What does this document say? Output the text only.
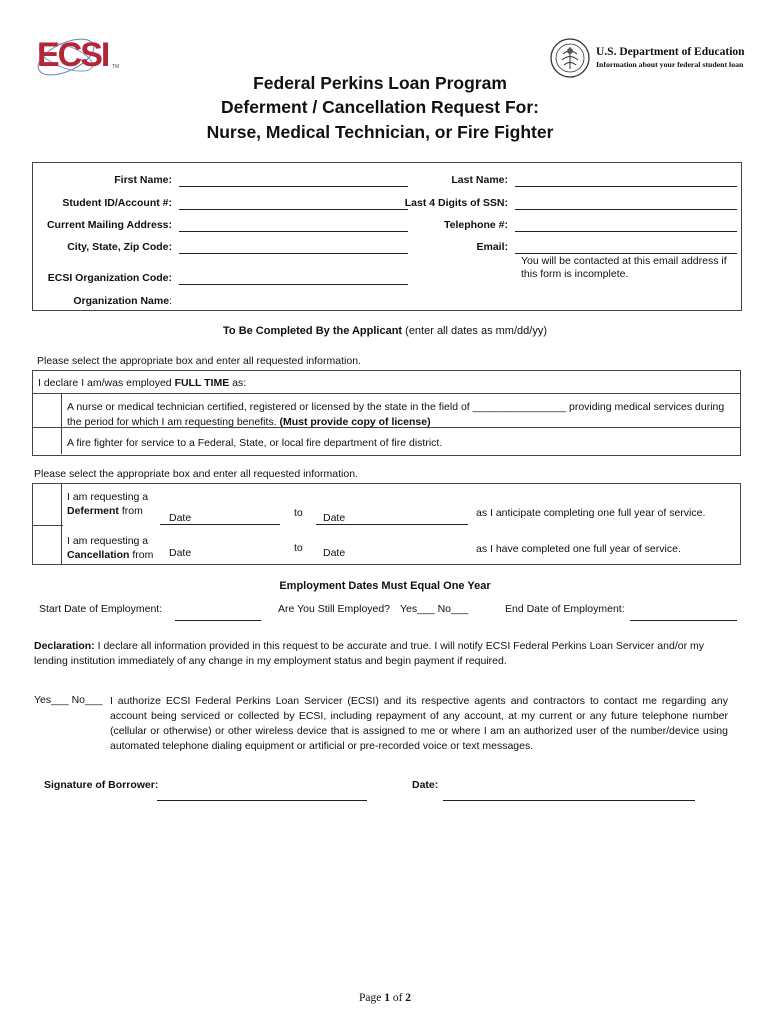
ECSI TM
U.S. Department of Education
Information about your federal student loan
Federal Perkins Loan Program
Deferment / Cancellation Request For:
Nurse, Medical Technician, or Fire Fighter
First Name:	Last Name:
Student ID/Account #:	Last 4 Digits of SSN:
Current Mailing Address:	Telephone #:
City, State, Zip Code:	Email:
You will be contacted at this email address if this form is incomplete.
ECSI Organization Code:
Organization Name:
To Be Completed By the Applicant (enter all dates as mm/dd/yy)
Please select the appropriate box and enter all requested information.
I declare I am/was employed FULL TIME as:
A nurse or medical technician certified, registered or licensed by the state in the field of ________________ providing medical services during the period for which I am requesting benefits. (Must provide copy of license)
A fire fighter for service to a Federal, State, or local fire department of fire district.
Please select the appropriate box and enter all requested information.
I am requesting a
Deferment from
Date	to Date	as I anticipate completing one full year of service.
I am requesting a
Cancellation from Date	to Date	as I have completed one full year of service.
Employment Dates Must Equal One Year
Start Date of Employment:	Are You Still Employed? Yes___ No___	End Date of Employment:
Declaration: I declare all information provided in this request to be accurate and true. I will notify ECSI Federal Perkins Loan Servicer and/or my lending institution immediately of any change in my employment status and begin payment if required.
Yes___ No___ I authorize ECSI Federal Perkins Loan Servicer (ECSI) and its respective agents and contractors to contact me regarding any account being serviced or collected by ECSI, including repayment of any account, at my current or any future telephone number (cellular or otherwise) or other wireless device that is assigned to me or where I am an authorized user of the number/device using automated telephone dialing equipment or artificial or pre-recorded voice or text messages.
Signature of Borrower:	Date:
Page 1 of 2
